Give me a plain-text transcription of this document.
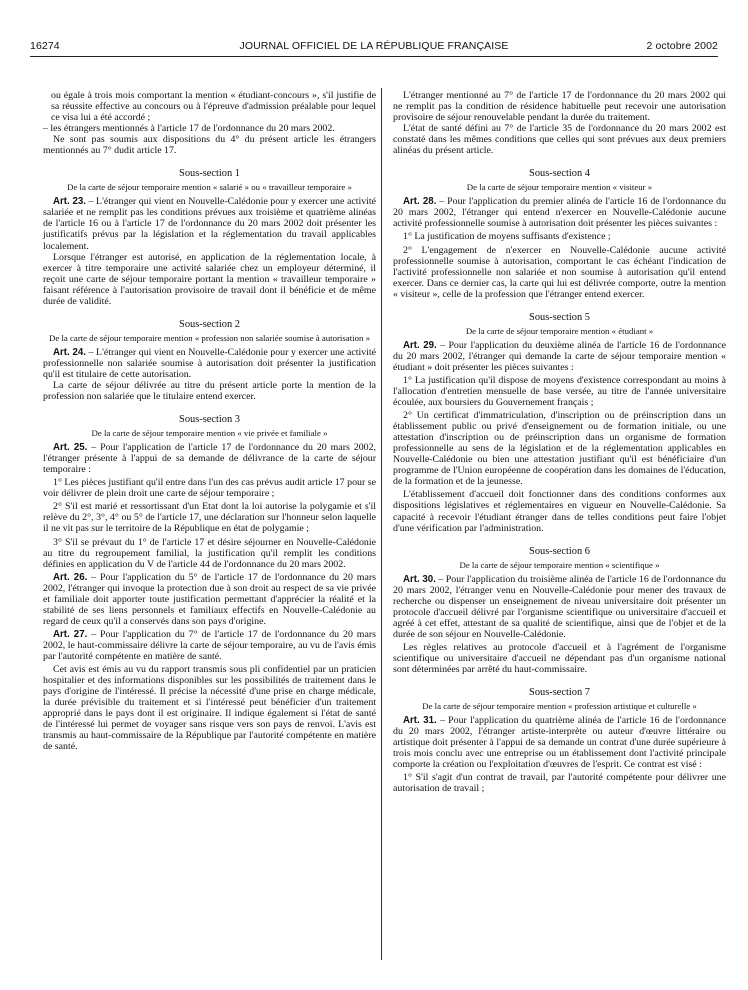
16274	JOURNAL OFFICIEL DE LA RÉPUBLIQUE FRANÇAISE	2 octobre 2002

ou égale à trois mois comportant la mention « étudiant-concours », s'il justifie de sa réussite effective au concours ou à l'épreuve d'admission préalable pour lequel ce visa lui a été accordé ;

– les étrangers mentionnés à l'article 17 de l'ordonnance du 20 mars 2002.

Ne sont pas soumis aux dispositions du 4° du présent article les étrangers mentionnés au 7° dudit article 17.

Sous-section 1
De la carte de séjour temporaire mention « salarié » ou « travailleur temporaire »

Art. 23. – L'étranger qui vient en Nouvelle-Calédonie pour y exercer une activité salariée et ne remplit pas les conditions prévues aux troisième et quatrième alinéas de l'article 16 ou à l'article 17 de l'ordonnance du 20 mars 2002 doit présenter les justificatifs prévus par la législation et la réglementation du travail applicables localement.

Lorsque l'étranger est autorisé, en application de la réglementation locale, à exercer à titre temporaire une activité salariée chez un employeur déterminé, il reçoit une carte de séjour temporaire portant la mention « travailleur temporaire » faisant référence à l'autorisation provisoire de travail dont il bénéficie et de même durée de validité.

Sous-section 2
De la carte de séjour temporaire mention « profession non salariée soumise à autorisation »

Art. 24. – L'étranger qui vient en Nouvelle-Calédonie pour y exercer une activité professionnelle non salariée soumise à autorisation doit présenter la justification qu'il est titulaire de cette autorisation.

La carte de séjour délivrée au titre du présent article porte la mention de la profession non salariée que le titulaire entend exercer.

Sous-section 3
De la carte de séjour temporaire mention « vie privée et familiale »

Art. 25. – Pour l'application de l'article 17 de l'ordonnance du 20 mars 2002, l'étranger présente à l'appui de sa demande de délivrance de la carte de séjour temporaire :

1° Les pièces justifiant qu'il entre dans l'un des cas prévus audit article 17 pour se voir délivrer de plein droit une carte de séjour temporaire ;

2° S'il est marié et ressortissant d'un Etat dont la loi autorise la polygamie et s'il relève du 2°, 3°, 4° ou 5° de l'article 17, une déclaration sur l'honneur selon laquelle il ne vit pas sur le territoire de la République en état de polygamie ;

3° S'il se prévaut du 1° de l'article 17 et désire séjourner en Nouvelle-Calédonie au titre du regroupement familial, la justification qu'il remplit les conditions définies en application du V de l'article 44 de l'ordonnance du 20 mars 2002.

Art. 26. – Pour l'application du 5° de l'article 17 de l'ordonnance du 20 mars 2002, l'étranger qui invoque la protection due à son droit au respect de sa vie privée et familiale doit apporter toute justification permettant d'apprécier la réalité et la stabilité de ses liens personnels et familiaux effectifs en Nouvelle-Calédonie au regard de ceux qu'il a conservés dans son pays d'origine.

Art. 27. – Pour l'application du 7° de l'article 17 de l'ordonnance du 20 mars 2002, le haut-commissaire délivre la carte de séjour temporaire, au vu de l'avis émis par l'autorité compétente en matière de santé.

Cet avis est émis au vu du rapport transmis sous pli confidentiel par un praticien hospitalier et des informations disponibles sur les possibilités de traitement dans le pays d'origine de l'intéressé. Il précise la nécessité d'une prise en charge médicale, la durée prévisible du traitement et si l'intéressé peut bénéficier d'un traitement approprié dans le pays dont il est originaire. Il indique également si l'état de santé de l'intéressé lui permet de voyager sans risque vers son pays de renvoi. L'avis est transmis au haut-commissaire de la République par l'autorité compétente en matière de santé.

L'étranger mentionné au 7° de l'article 17 de l'ordonnance du 20 mars 2002 qui ne remplit pas la condition de résidence habituelle peut recevoir une autorisation provisoire de séjour renouvelable pendant la durée du traitement.

L'état de santé défini au 7° de l'article 35 de l'ordonnance du 20 mars 2002 est constaté dans les mêmes conditions que celles qui sont prévues aux deux premiers alinéas du présent article.

Sous-section 4
De la carte de séjour temporaire mention « visiteur »

Art. 28. – Pour l'application du premier alinéa de l'article 16 de l'ordonnance du 20 mars 2002, l'étranger qui entend n'exercer en Nouvelle-Calédonie aucune activité professionnelle soumise à autorisation doit présenter les pièces suivantes :

1° La justification de moyens suffisants d'existence ;

2° L'engagement de n'exercer en Nouvelle-Calédonie aucune activité professionnelle soumise à autorisation, comportant le cas échéant l'indication de l'activité professionnelle non salariée et non soumise à autorisation qu'il entend exercer. Dans ce dernier cas, la carte qui lui est délivrée comporte, outre la mention « visiteur », celle de la profession que l'étranger entend exercer.

Sous-section 5
De la carte de séjour temporaire mention « étudiant »

Art. 29. – Pour l'application du deuxième alinéa de l'article 16 de l'ordonnance du 20 mars 2002, l'étranger qui demande la carte de séjour temporaire mention « étudiant » doit présenter les pièces suivantes :

1° La justification qu'il dispose de moyens d'existence correspondant au moins à l'allocation d'entretien mensuelle de base versée, au titre de l'année universitaire écoulée, aux boursiers du Gouvernement français ;

2° Un certificat d'immatriculation, d'inscription ou de préinscription dans un établissement public ou privé d'enseignement ou de formation initiale, ou une attestation d'inscription ou de préinscription dans un organisme de formation professionnelle au sens de la législation et de la réglementation applicables en Nouvelle-Calédonie ou bien une attestation justifiant qu'il est bénéficiaire d'un programme de l'Union européenne de coopération dans les domaines de l'éducation, de la formation et de la jeunesse.

L'établissement d'accueil doit fonctionner dans des conditions conformes aux dispositions législatives et réglementaires en vigueur en Nouvelle-Calédonie. Sa capacité à recevoir l'étudiant étranger dans de telles conditions peut faire l'objet d'une vérification par l'administration.

Sous-section 6
De la carte de séjour temporaire mention « scientifique »

Art. 30. – Pour l'application du troisième alinéa de l'article 16 de l'ordonnance du 20 mars 2002, l'étranger venu en Nouvelle-Calédonie pour mener des travaux de recherche ou dispenser un enseignement de niveau universitaire doit présenter un protocole d'accueil délivré par l'organisme scientifique ou universitaire d'accueil et agréé à cet effet, attestant de sa qualité de scientifique, ainsi que de l'objet et de la durée de son séjour en Nouvelle-Calédonie.

Les règles relatives au protocole d'accueil et à l'agrément de l'organisme scientifique ou universitaire d'accueil ne dépendant pas d'un organisme national sont déterminées par arrêté du haut-commissaire.

Sous-section 7
De la carte de séjour temporaire mention « profession artistique et culturelle »

Art. 31. – Pour l'application du quatrième alinéa de l'article 16 de l'ordonnance du 20 mars 2002, l'étranger artiste-interprète ou auteur d'œuvre littéraire ou artistique doit présenter à l'appui de sa demande un contrat d'une durée supérieure à trois mois conclu avec une entreprise ou un établissement dont l'activité principale comporte la création ou l'exploitation d'œuvres de l'esprit. Ce contrat est visé :

1° S'il s'agit d'un contrat de travail, par l'autorité compétente pour délivrer une autorisation de travail ;
